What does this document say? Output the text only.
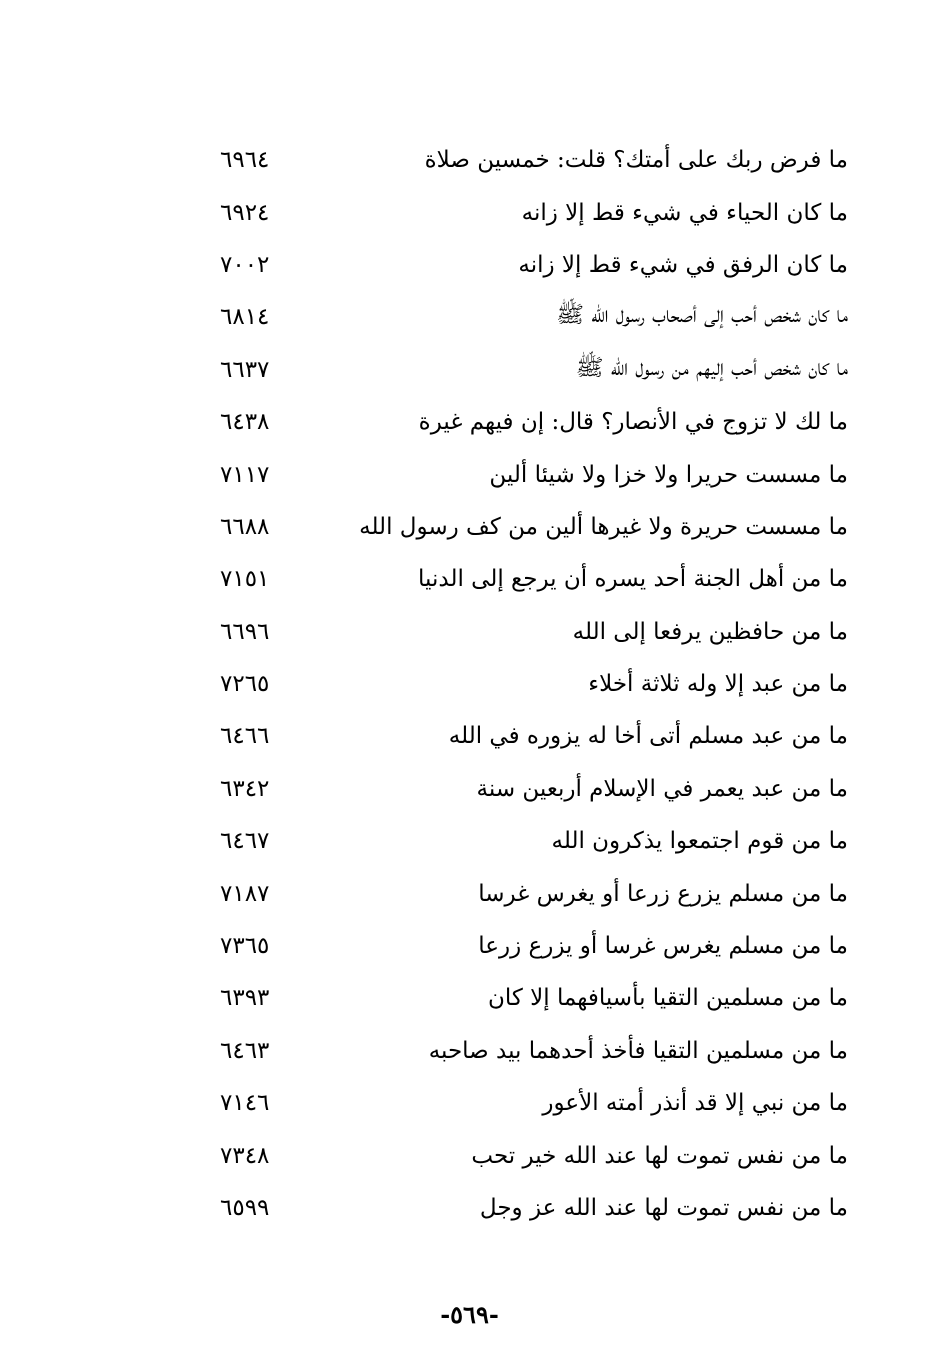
ما فرض ربك على أمتك؟ قلت: خمسين صلاة
٦٩٦٤
ما كان الحياء في شيء قط إلا زانه
٦٩٢٤
ما كان الرفق في شيء قط إلا زانه
٧٠٠٢
ما كان شخص أحب إلى أصحاب رسول الله ﷺ
٦٨١٤
ما كان شخص أحب إليهم من رسول الله ﷺ
٦٦٣٧
ما لك لا تزوج في الأنصار؟ قال: إن فيهم غيرة
٦٤٣٨
ما مسست حريرا ولا خزا ولا شيئا ألين
٧١١٧
ما مسست حريرة ولا غيرها ألين من كف رسول الله
٦٦٨٨
ما من أهل الجنة أحد يسره أن يرجع إلى الدنيا
٧١٥١
ما من حافظين يرفعا إلى الله
٦٦٩٦
ما من عبد إلا وله ثلاثة أخلاء
٧٢٦٥
ما من عبد مسلم أتى أخا له يزوره في الله
٦٤٦٦
ما من عبد يعمر في الإسلام أربعين سنة
٦٣٤٢
ما من قوم اجتمعوا يذكرون الله
٦٤٦٧
ما من مسلم يزرع زرعا أو يغرس غرسا
٧١٨٧
ما من مسلم يغرس غرسا أو يزرع زرعا
٧٣٦٥
ما من مسلمين التقيا بأسيافهما إلا كان
٦٣٩٣
ما من مسلمين التقيا فأخذ أحدهما بيد صاحبه
٦٤٦٣
ما من نبي إلا قد أنذر أمته الأعور
٧١٤٦
ما من نفس تموت لها عند الله خير تحب
٧٣٤٨
ما من نفس تموت لها عند الله عز وجل
٦٥٩٩
-٥٦٩-
